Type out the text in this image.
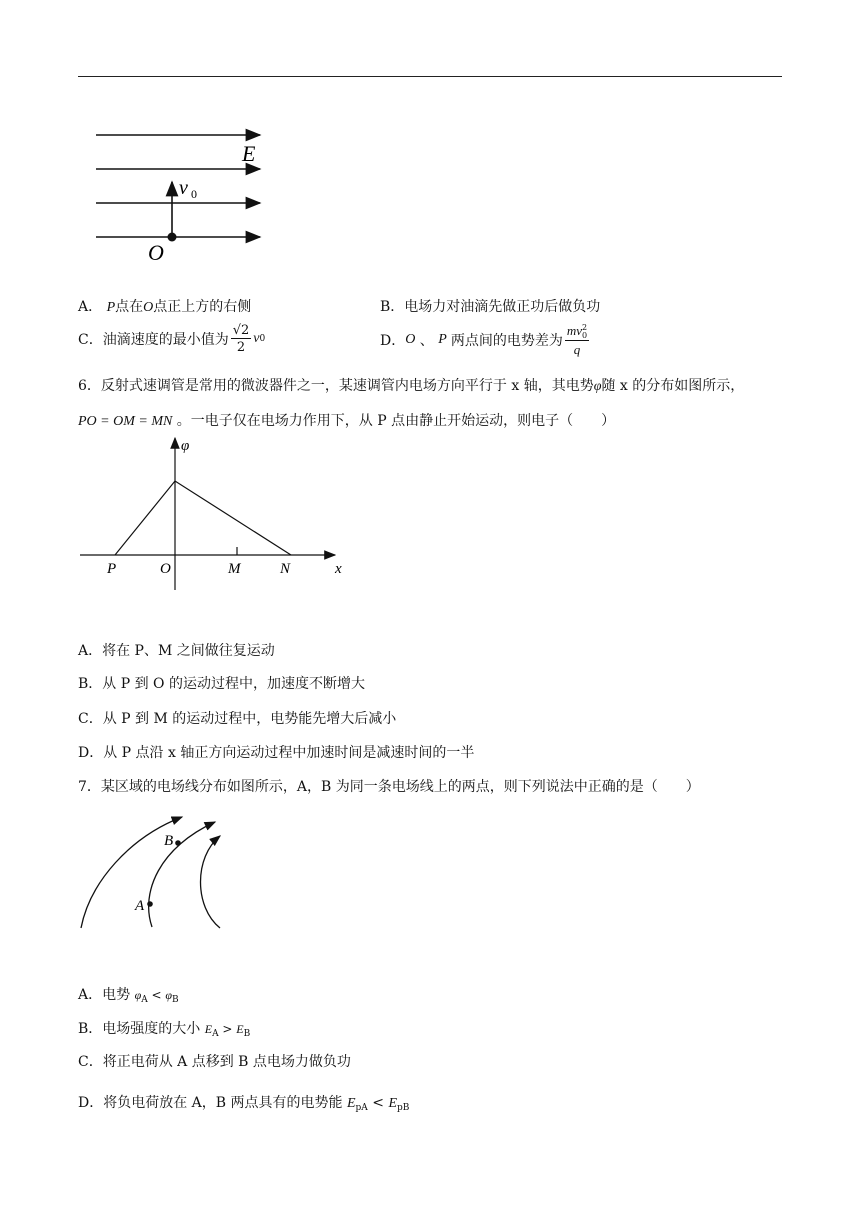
E
v 0
O
A． P点在O点正上方的右侧	B．电场力对油滴先做正功后做负功
C． 油滴速度的最小值为 $\frac{√2}{2}$ v 0	D． O 、 P 两点间的电势差为 mv 2
0
q
6．反射式速调管是常用的微波器件之一，某速调管内电场方向平行于 x 轴，其电势φ随 x 的分布如图所示，
PO = OM = MN 。一电子仅在电场力作用下，从 P 点由静止开始运动，则电子（　　）
φ
P	O	M	N	x
A．将在 P、M 之间做往复运动
B．从 P 到 O 的运动过程中，加速度不断增大
C．从 P 到 M 的运动过程中，电势能先增大后减小
D．从 P 点沿 x 轴正方向运动过程中加速时间是减速时间的一半
7．某区域的电场线分布如图所示，A，B 为同一条电场线上的两点，则下列说法中正确的是（　　）
A
B
A．电势 $\varphi_A < \varphi_B$
B．电场强度的大小 $E_A > E_B$
C．将正电荷从 A 点移到 B 点电场力做负功
D．将负电荷放在 A，B 两点具有的电势能 $E_{pA} < E_{pB}$
